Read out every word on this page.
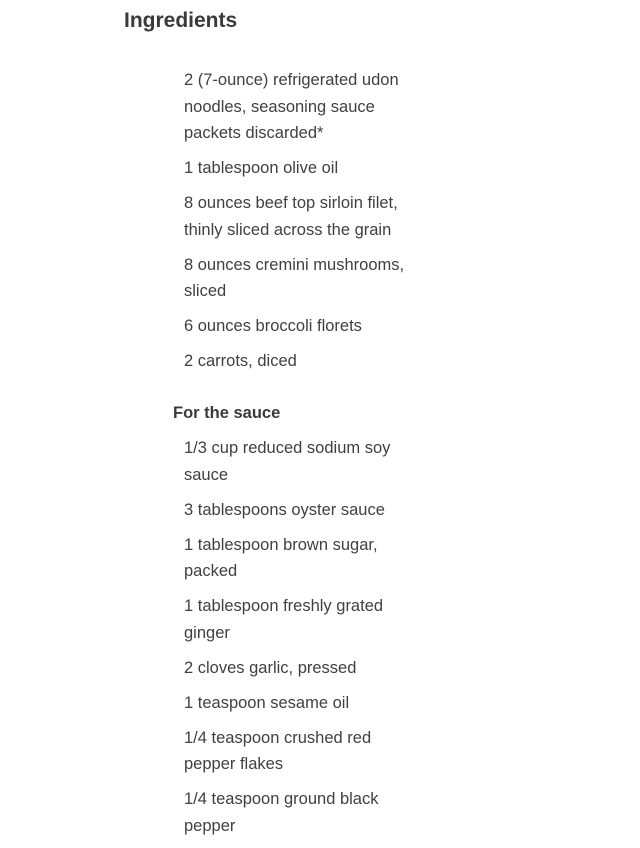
Ingredients
2 (7-ounce) refrigerated udon noodles, seasoning sauce packets discarded*
1 tablespoon olive oil
8 ounces beef top sirloin filet, thinly sliced across the grain
8 ounces cremini mushrooms, sliced
6 ounces broccoli florets
2 carrots, diced
For the sauce
1/3 cup reduced sodium soy sauce
3 tablespoons oyster sauce
1 tablespoon brown sugar, packed
1 tablespoon freshly grated ginger
2 cloves garlic, pressed
1 teaspoon sesame oil
1/4 teaspoon crushed red pepper flakes
1/4 teaspoon ground black pepper
